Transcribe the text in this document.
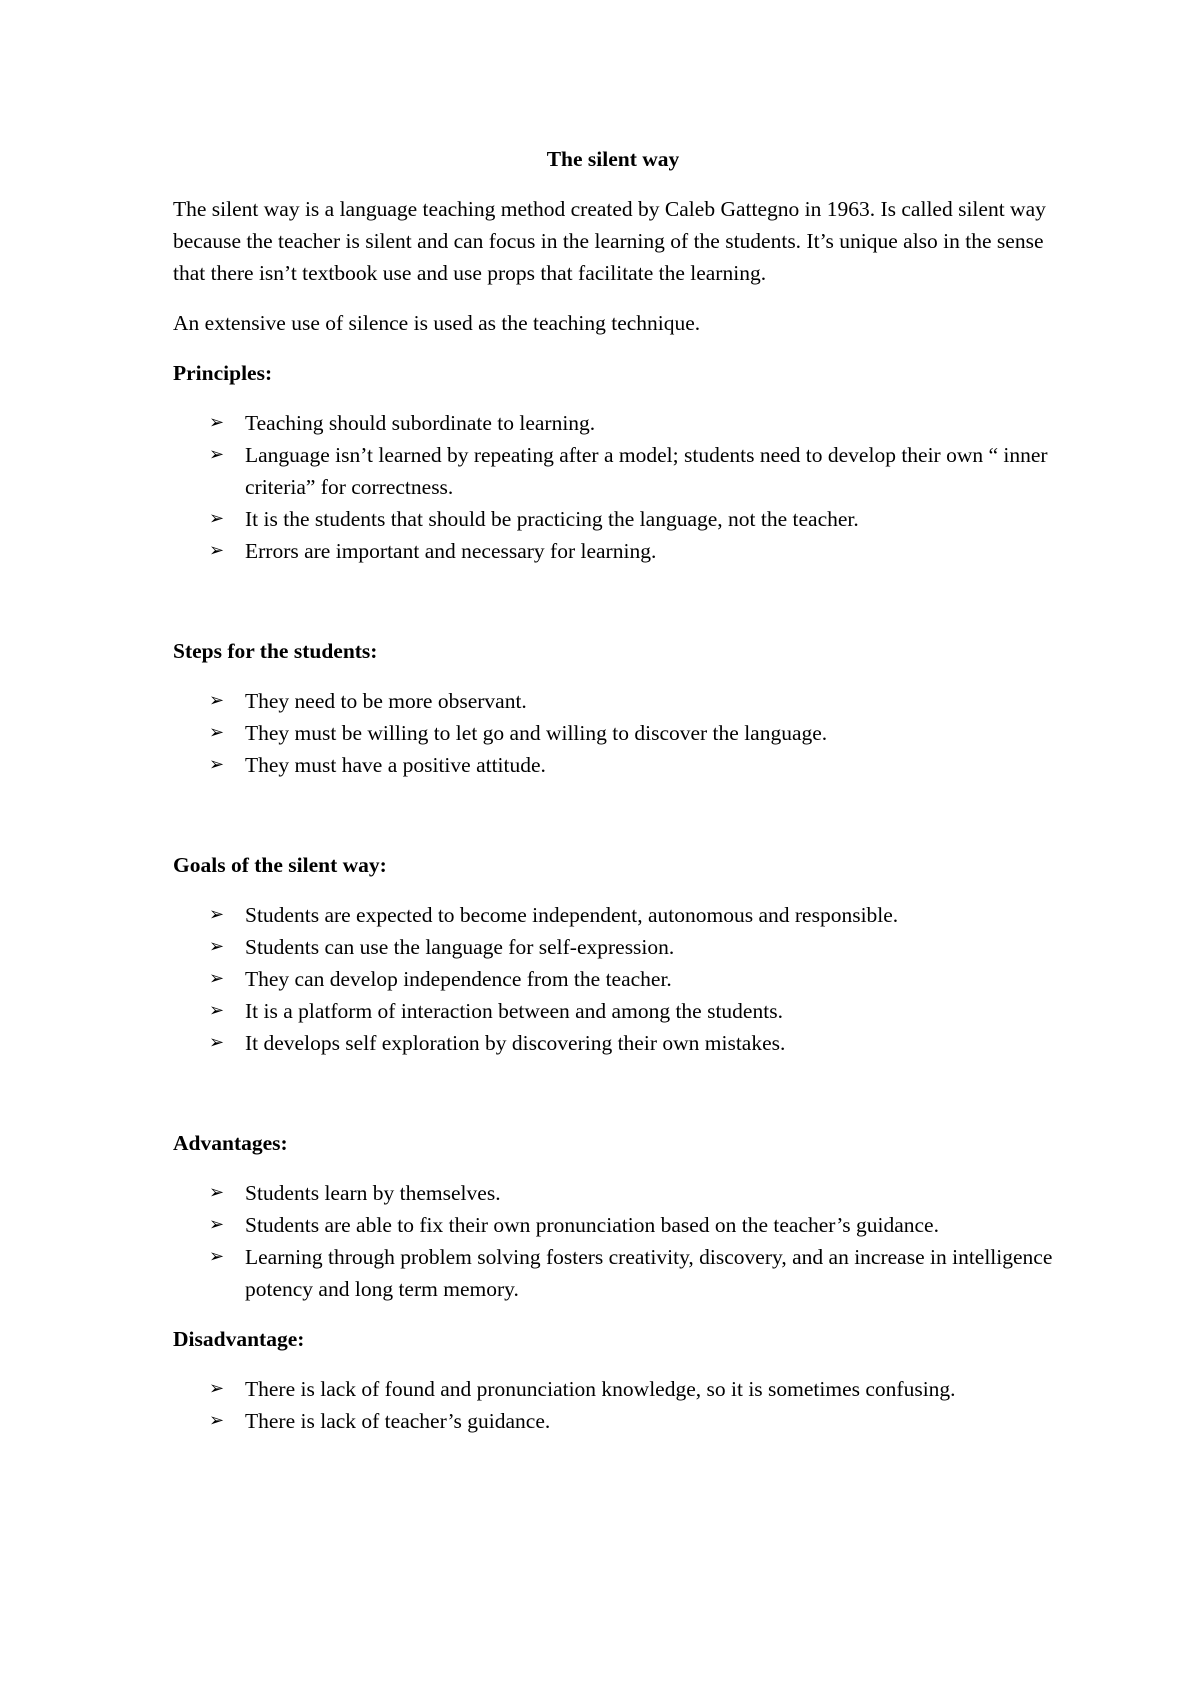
The silent way

The silent way is a language teaching method created by Caleb Gattegno in 1963. Is called silent way because the teacher is silent and can focus in the learning of the students. It’s unique also in the sense that there isn’t textbook use and use props that facilitate the learning.

An extensive use of silence is used as the teaching technique.

Principles:
➢ Teaching should subordinate to learning.
➢ Language isn’t learned by repeating after a model; students need to develop their own “ inner criteria” for correctness.
➢ It is the students that should be practicing the language, not the teacher.
➢ Errors are important and necessary for learning.
Steps for the students:
➢ They need to be more observant.
➢ They must be willing to let go and willing to discover the language.
➢ They must have a positive attitude.
Goals of the silent way:
➢ Students are expected to become independent, autonomous and responsible.
➢ Students can use the language for self-expression.
➢ They can develop independence from the teacher.
➢ It is a platform of interaction between and among the students.
➢ It develops self exploration by discovering their own mistakes.
Advantages:
➢ Students learn by themselves.
➢ Students are able to fix their own pronunciation based on the teacher’s guidance.
➢ Learning through problem solving fosters creativity, discovery, and an increase in intelligence potency and long term memory.
Disadvantage:
➢ There is lack of found and pronunciation knowledge, so it is sometimes confusing.
➢ There is lack of teacher’s guidance.
